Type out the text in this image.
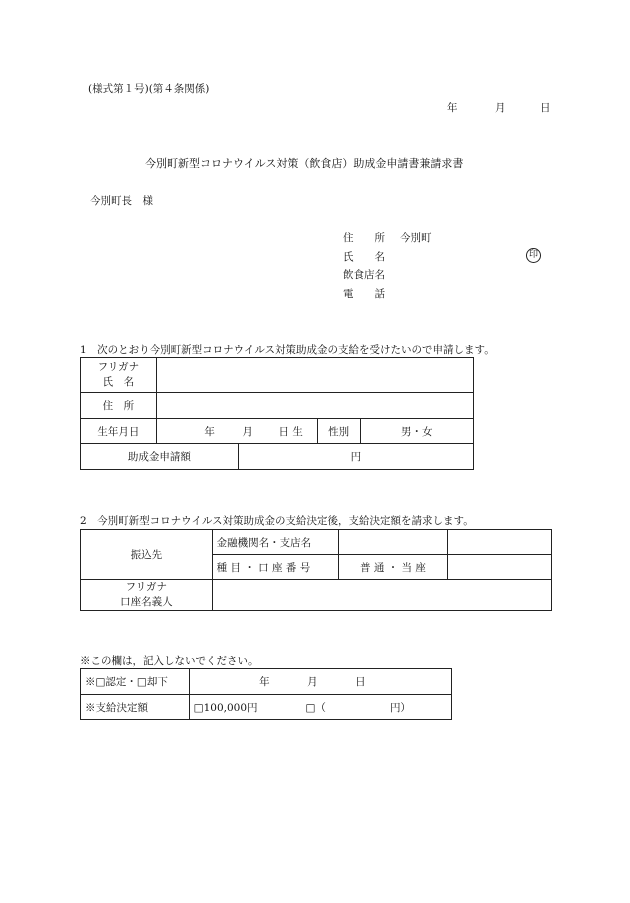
(様式第１号)(第４条関係)
年	月	日
今別町新型コロナウイルス対策（飲食店）助成金申請書兼請求書
今別町長　様
住　　所 今別町
氏　　名	印
飲食店名
電　　話
1　次のとおり今別町新型コロナウイルス対策助成金の支給を受けたいので申請します。
フリガナ
氏　名				
住　所				
生年月日	年 月 日 生		性別	男・女
助成金申請額		円		
2　今別町新型コロナウイルス対策助成金の支給決定後，支給決定額を請求します。
振込先	金融機関名・支店名		
	種 目 ・ 口 座 番 号	普 通 ・ 当 座	
フリガナ
口座名義人			
※この欄は，記入しないでください。
※□認定・□却下	年 月 日
※支給決定額	□100,000円 □（ 円）
